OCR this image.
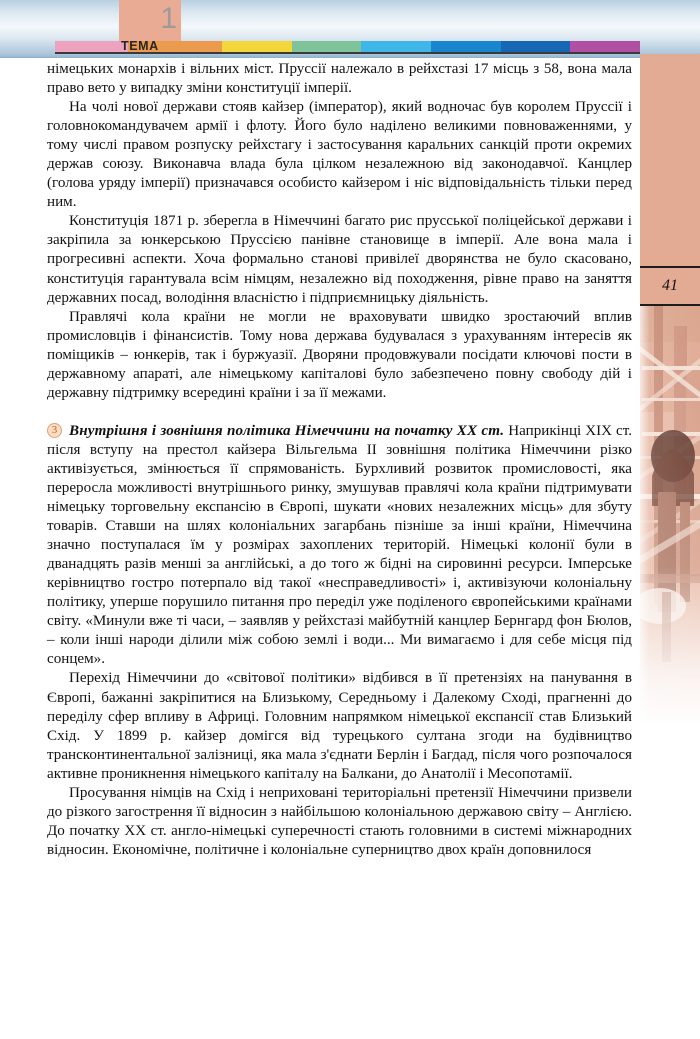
1
ТЕМА
41

німецьких монархів і вільних міст. Пруссії належало в рейхстазі 17 місць з 58, вона мала право вето у випадку зміни конституції імперії.

На чолі нової держави стояв кайзер (імператор), який водночас був королем Пруссії і головнокомандувачем армії і флоту. Його було наділено великими повноваженнями, у тому числі правом розпуску рейхстагу і застосування каральних санкцій проти окремих держав союзу. Виконавча влада була цілком незалежною від законодавчої. Канцлер (голова уряду імперії) призначався особисто кайзером і ніс відповідальність тільки перед ним.

Конституція 1871 р. зберегла в Німеччині багато рис прусської поліцейської держави і закріпила за юнкерською Пруссією панівне становище в імперії. Але вона мала і прогресивні аспекти. Хоча формально станові привілеї дворянства не було скасовано, конституція гарантувала всім німцям, незалежно від походження, рівне право на заняття державних посад, володіння власністю і підприємницьку діяльність.

Правлячі кола країни не могли не враховувати швидко зростаючий вплив промисловців і фінансистів. Тому нова держава будувалася з урахуванням інтересів як поміщиків – юнкерів, так і буржуазії. Дворяни продовжували посідати ключові пости в державному апараті, але німецькому капіталові було забезпечено повну свободу дій і державну підтримку всередині країни і за її межами.

3 Внутрішня і зовнішня політика Німеччини на початку ХХ ст. Наприкінці XIX ст. після вступу на престол кайзера Вільгельма II зовнішня політика Німеччини різко активізується, змінюється її спрямованість. Бурхливий розвиток промисловості, яка переросла можливості внутрішнього ринку, змушував правлячі кола країни підтримувати німецьку торговельну експансію в Європі, шукати «нових незалежних місць» для збуту товарів. Ставши на шлях колоніальних загарбань пізніше за інші країни, Німеччина значно поступалася їм у розмірах захоплених територій. Німецькі колонії були в дванадцять разів менші за англійські, а до того ж бідні на сировинні ресурси. Імперське керівництво гостро потерпало від такої «несправедливості» і, активізуючи колоніальну політику, уперше порушило питання про переділ уже поділеного європейськими країнами світу. «Минули вже ті часи, – заявляв у рейхстазі майбутній канцлер Бернгард фон Бюлов, – коли інші народи ділили між собою землі і води... Ми вимагаємо і для себе місця під сонцем».

Перехід Німеччини до «світової політики» відбився в її претензіях на панування в Європі, бажанні закріпитися на Близькому, Середньому і Далекому Сході, прагненні до переділу сфер впливу в Африці. Головним напрямком німецької експансії став Близький Схід. У 1899 р. кайзер домігся від турецького султана згоди на будівництво трансконтинентальної залізниці, яка мала з'єднати Берлін і Багдад, після чого розпочалося активне проникнення німецького капіталу на Балкани, до Анатолії і Месопотамії.

Просування німців на Схід і неприховані територіальні претензії Німеччини призвели до різкого загострення її відносин з найбільшою колоніальною державою світу – Англією. До початку ХХ ст. англо-німецькі суперечності стають головними в системі міжнародних відносин. Економічне, політичне і колоніальне суперництво двох країн доповнилося
